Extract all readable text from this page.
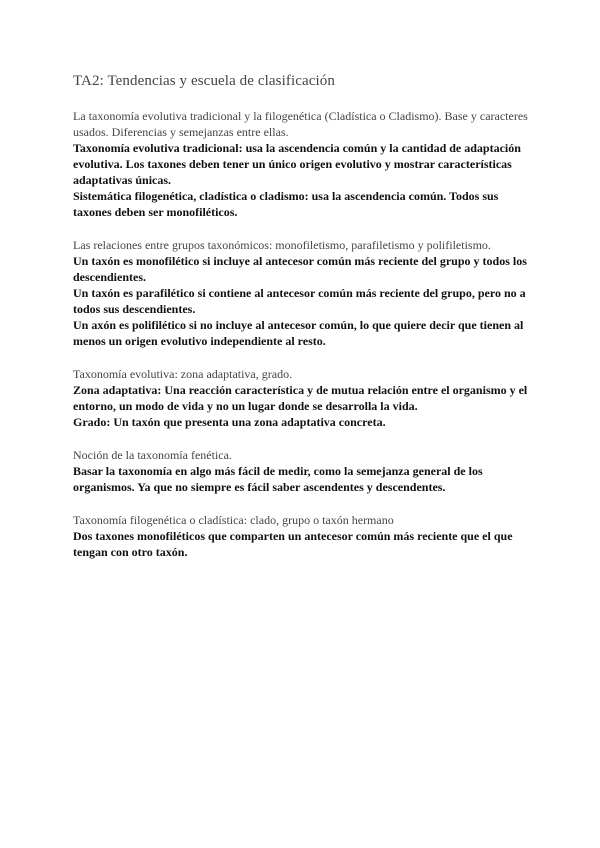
TA2: Tendencias y escuela de clasificación

La taxonomía evolutiva tradicional y la filogenética (Cladística o Cladismo). Base y caracteres usados. Diferencias y semejanzas entre ellas.

Taxonomía evolutiva tradicional: usa la ascendencia común y la cantidad de adaptación evolutiva. Los taxones deben tener un único origen evolutivo y mostrar características adaptativas únicas.

Sistemática filogenética, cladística o cladismo: usa la ascendencia común. Todos sus taxones deben ser monofiléticos.

Las relaciones entre grupos taxonómicos: monofiletismo, parafiletismo y polifiletismo.

Un taxón es monofilético si incluye al antecesor común más reciente del grupo y todos los descendientes.

Un taxón es parafilético si contiene al antecesor común más reciente del grupo, pero no a todos sus descendientes.

Un axón es polifilético si no incluye al antecesor común, lo que quiere decir que tienen al menos un origen evolutivo independiente al resto.

Taxonomía evolutiva: zona adaptativa, grado.

Zona adaptativa: Una reacción característica y de mutua relación entre el organismo y el entorno, un modo de vida y no un lugar donde se desarrolla la vida.

Grado: Un taxón que presenta una zona adaptativa concreta.

Noción de la taxonomía fenética.

Basar la taxonomía en algo más fácil de medir, como la semejanza general de los organismos. Ya que no siempre es fácil saber ascendentes y descendentes.

Taxonomía filogenética o cladística: clado, grupo o taxón hermano

Dos taxones monofiléticos que comparten un antecesor común más reciente que el que tengan con otro taxón.
